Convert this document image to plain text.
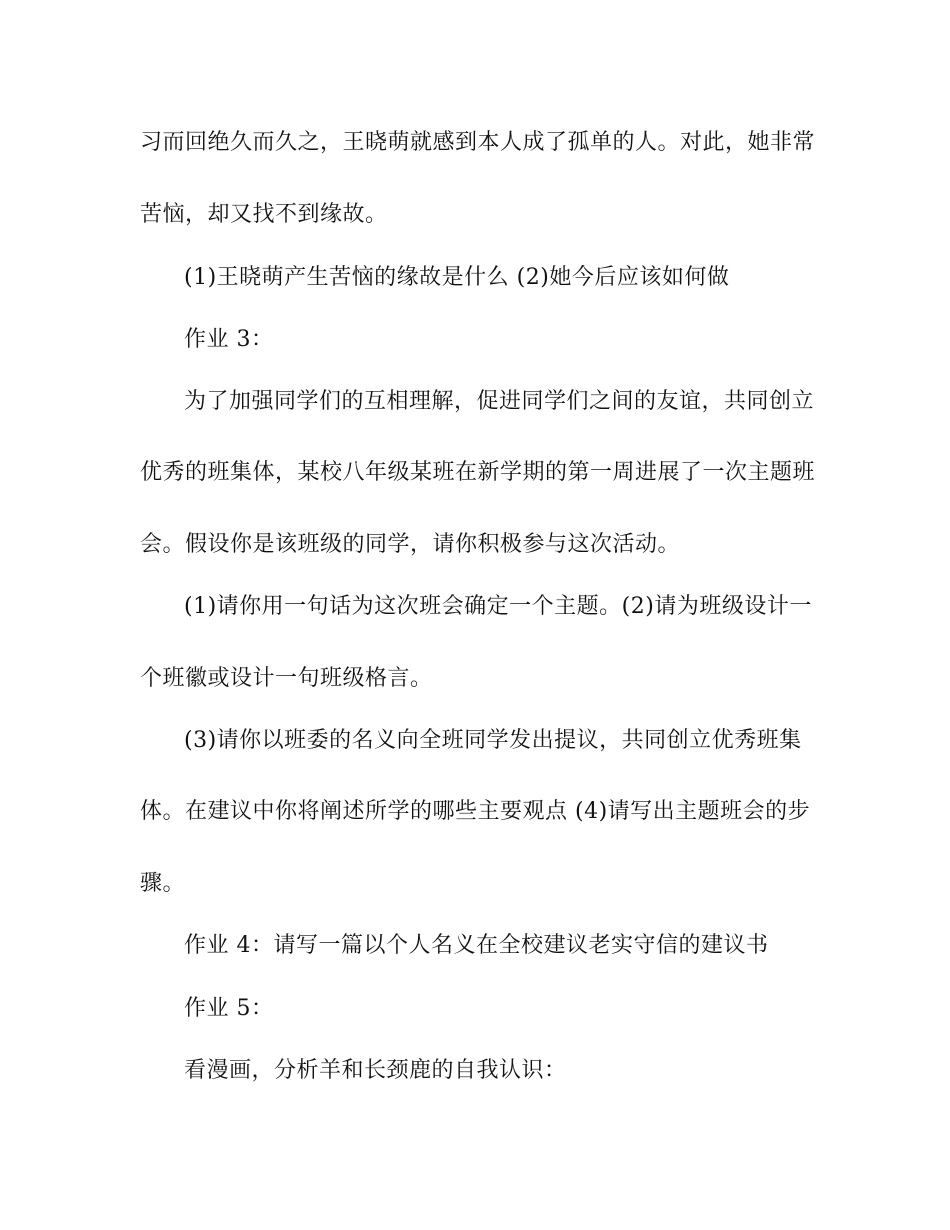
习而回绝久而久之，王晓萌就感到本人成了孤单的人。对此，她非常
苦恼，却又找不到缘故。
(1)王晓萌产生苦恼的缘故是什么 (2)她今后应该如何做
作业 3：
为了加强同学们的互相理解，促进同学们之间的友谊，共同创立
优秀的班集体，某校八年级某班在新学期的第一周进展了一次主题班
会。假设你是该班级的同学，请你积极参与这次活动。
(1)请你用一句话为这次班会确定一个主题。(2)请为班级设计一
个班徽或设计一句班级格言。
(3)请你以班委的名义向全班同学发出提议，共同创立优秀班集
体。在建议中你将阐述所学的哪些主要观点 (4)请写出主题班会的步
骤。
作业 4：请写一篇以个人名义在全校建议老实守信的建议书
作业 5：
看漫画，分析羊和长颈鹿的自我认识：
